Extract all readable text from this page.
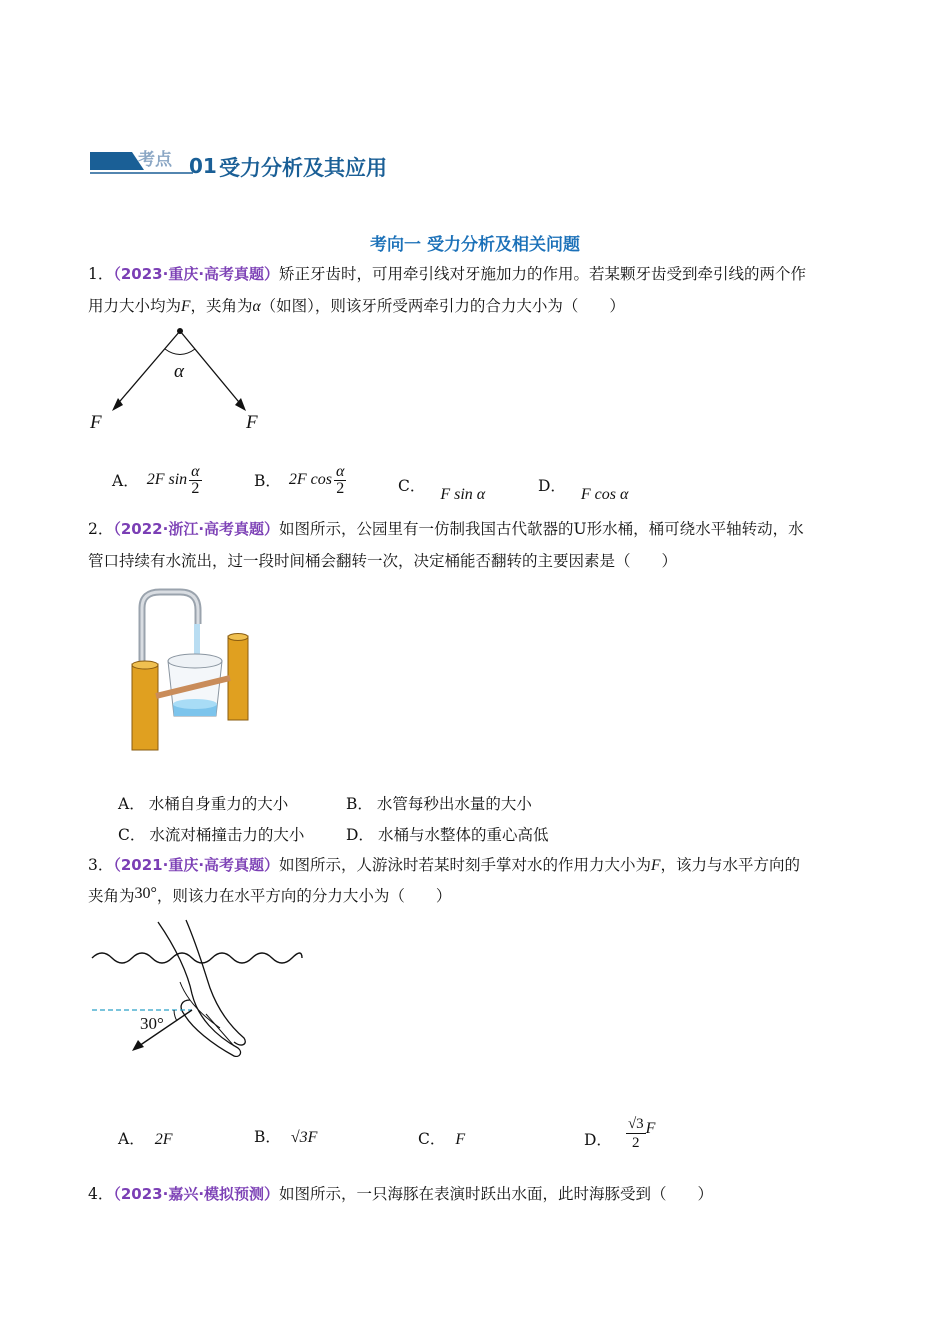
考点 01 受力分析及其应用
考向一 受力分析及相关问题
1．（2023·重庆·高考真题）矫正牙齿时，可用牵引线对牙施加力的作用。若某颗牙齿受到牵引线的两个作
用力大小均为F，夹角为α（如图），则该牙所受两牵引力的合力大小为（　　）
α
F	F
A． 2F $\sin \frac{\alpha}{2}$	B． 2F $\cos \frac{\alpha}{2}$	C． F sin α	D． F cos α
2．（2022·浙江·高考真题）如图所示，公园里有一仿制我国古代欹器的U形水桶，桶可绕水平轴转动，水
管口持续有水流出，过一段时间桶会翻转一次，决定桶能否翻转的主要因素是（　　）
A． 水桶自身重力的大小	B． 水管每秒出水量的大小
C． 水流对桶撞击力的大小	D． 水桶与水整体的重心高低
3．（2021·重庆·高考真题）如图所示，人游泳时若某时刻手掌对水的作用力大小为F，该力与水平方向的
夹角为30°，则该力在水平方向的分力大小为（　　）
30°
A． 2F	B． √3F	C． F	D． $\frac{√3}{2}$ F
4．（2023·嘉兴·模拟预测）如图所示，一只海豚在表演时跃出水面，此时海豚受到（　　）
